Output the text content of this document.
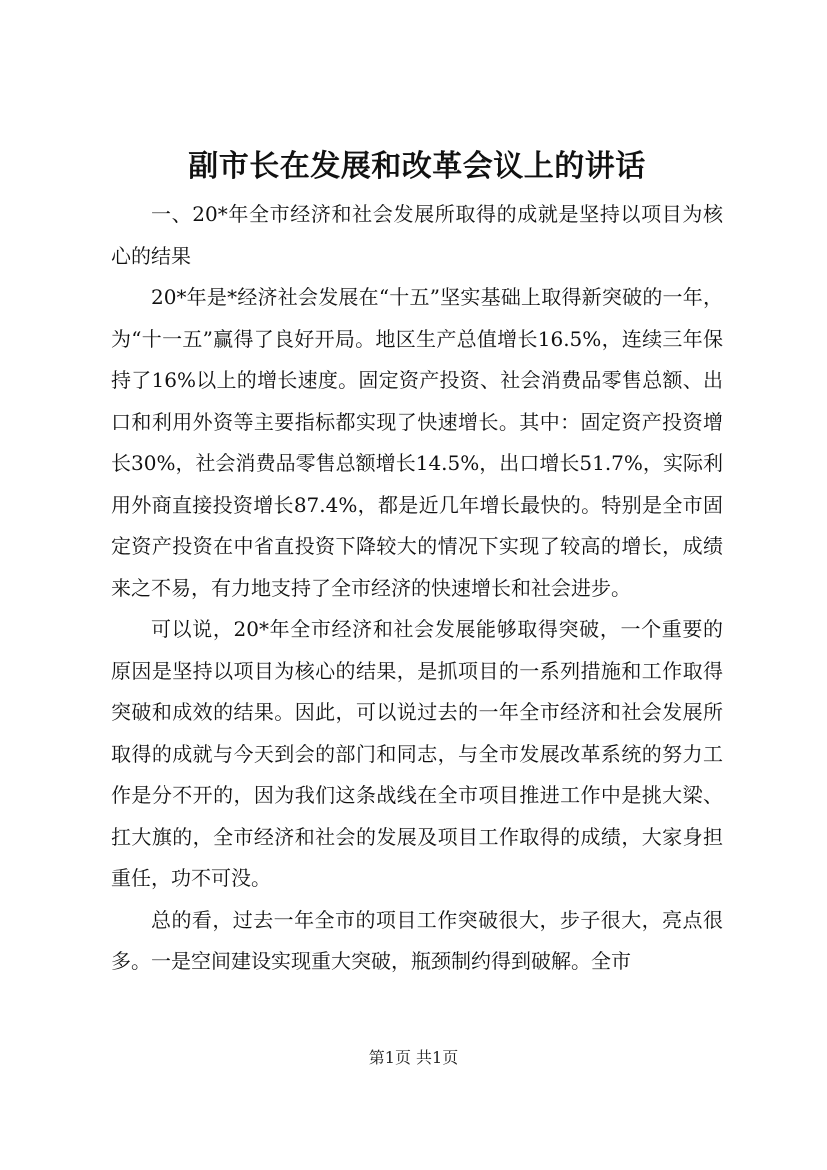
副市长在发展和改革会议上的讲话

一、20*年全市经济和社会发展所取得的成就是坚持以项目为核心的结果

20*年是*经济社会发展在“十五”坚实基础上取得新突破的一年，为“十一五”赢得了良好开局。地区生产总值增长16.5%，连续三年保持了16%以上的增长速度。固定资产投资、社会消费品零售总额、出口和利用外资等主要指标都实现了快速增长。其中：固定资产投资增长30%，社会消费品零售总额增长14.5%，出口增长51.7%，实际利用外商直接投资增长87.4%，都是近几年增长最快的。特别是全市固定资产投资在中省直投资下降较大的情况下实现了较高的增长，成绩来之不易，有力地支持了全市经济的快速增长和社会进步。

可以说，20*年全市经济和社会发展能够取得突破，一个重要的原因是坚持以项目为核心的结果，是抓项目的一系列措施和工作取得突破和成效的结果。因此，可以说过去的一年全市经济和社会发展所取得的成就与今天到会的部门和同志，与全市发展改革系统的努力工作是分不开的，因为我们这条战线在全市项目推进工作中是挑大梁、扛大旗的，全市经济和社会的发展及项目工作取得的成绩，大家身担重任，功不可没。

总的看，过去一年全市的项目工作突破很大，步子很大，亮点很多。一是空间建设实现重大突破，瓶颈制约得到破解。全市

第1页 共1页
